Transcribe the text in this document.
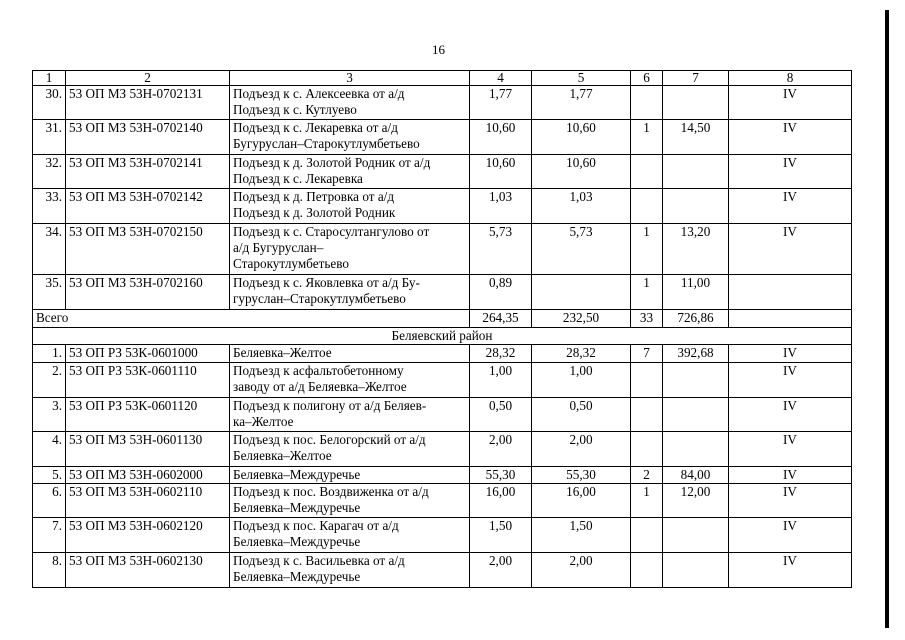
16
1	2	3	4	5	6	7	8
30.	53 ОП МЗ 53Н-0702131	Подъезд к с. Алексеевка от а/д
Подъезд к с. Кутлуево	1,77	1,77			IV
31.	53 ОП МЗ 53Н-0702140	Подъезд к с. Лекаревка от а/д
Бугуруслан–Старокутлумбетьево	10,60	10,60	1	14,50	IV
32.	53 ОП МЗ 53Н-0702141	Подъезд к д. Золотой Родник от а/д
Подъезд к с. Лекаревка	10,60	10,60			IV
33.	53 ОП МЗ 53Н-0702142	Подъезд к д. Петровка от а/д
Подъезд к д. Золотой Родник	1,03	1,03			IV
34.	53 ОП МЗ 53Н-0702150	Подъезд к с. Старосултангулово от
а/д Бугуруслан–
Старокутлумбетьево	5,73	5,73	1	13,20	IV
35.	53 ОП МЗ 53Н-0702160	Подъезд к с. Яковлевка от а/д Бу-
гуруслан–Старокутлумбетьево	0,89		1	11,00	
Всего			264,35	232,50	33	726,86	
Беляевский район							
1.	53 ОП РЗ 53К-0601000	Беляевка–Желтое	28,32	28,32	7	392,68	IV
2.	53 ОП РЗ 53К-0601110	Подъезд к асфальтобетонному
заводу от а/д Беляевка–Желтое	1,00	1,00			IV
3.	53 ОП РЗ 53К-0601120	Подъезд к полигону от а/д Беляев-
ка–Желтое	0,50	0,50			IV
4.	53 ОП МЗ 53Н-0601130	Подъезд к пос. Белогорский от а/д
Беляевка–Желтое	2,00	2,00			IV
5.	53 ОП МЗ 53Н-0602000	Беляевка–Междуречье	55,30	55,30	2	84,00	IV
6.	53 ОП МЗ 53Н-0602110	Подъезд к пос. Воздвиженка от а/д
Беляевка–Междуречье	16,00	16,00	1	12,00	IV
7.	53 ОП МЗ 53Н-0602120	Подъезд к пос. Карагач от а/д
Беляевка–Междуречье	1,50	1,50			IV
8.	53 ОП МЗ 53Н-0602130	Подъезд к с. Васильевка от а/д
Беляевка–Междуречье	2,00	2,00			IV
